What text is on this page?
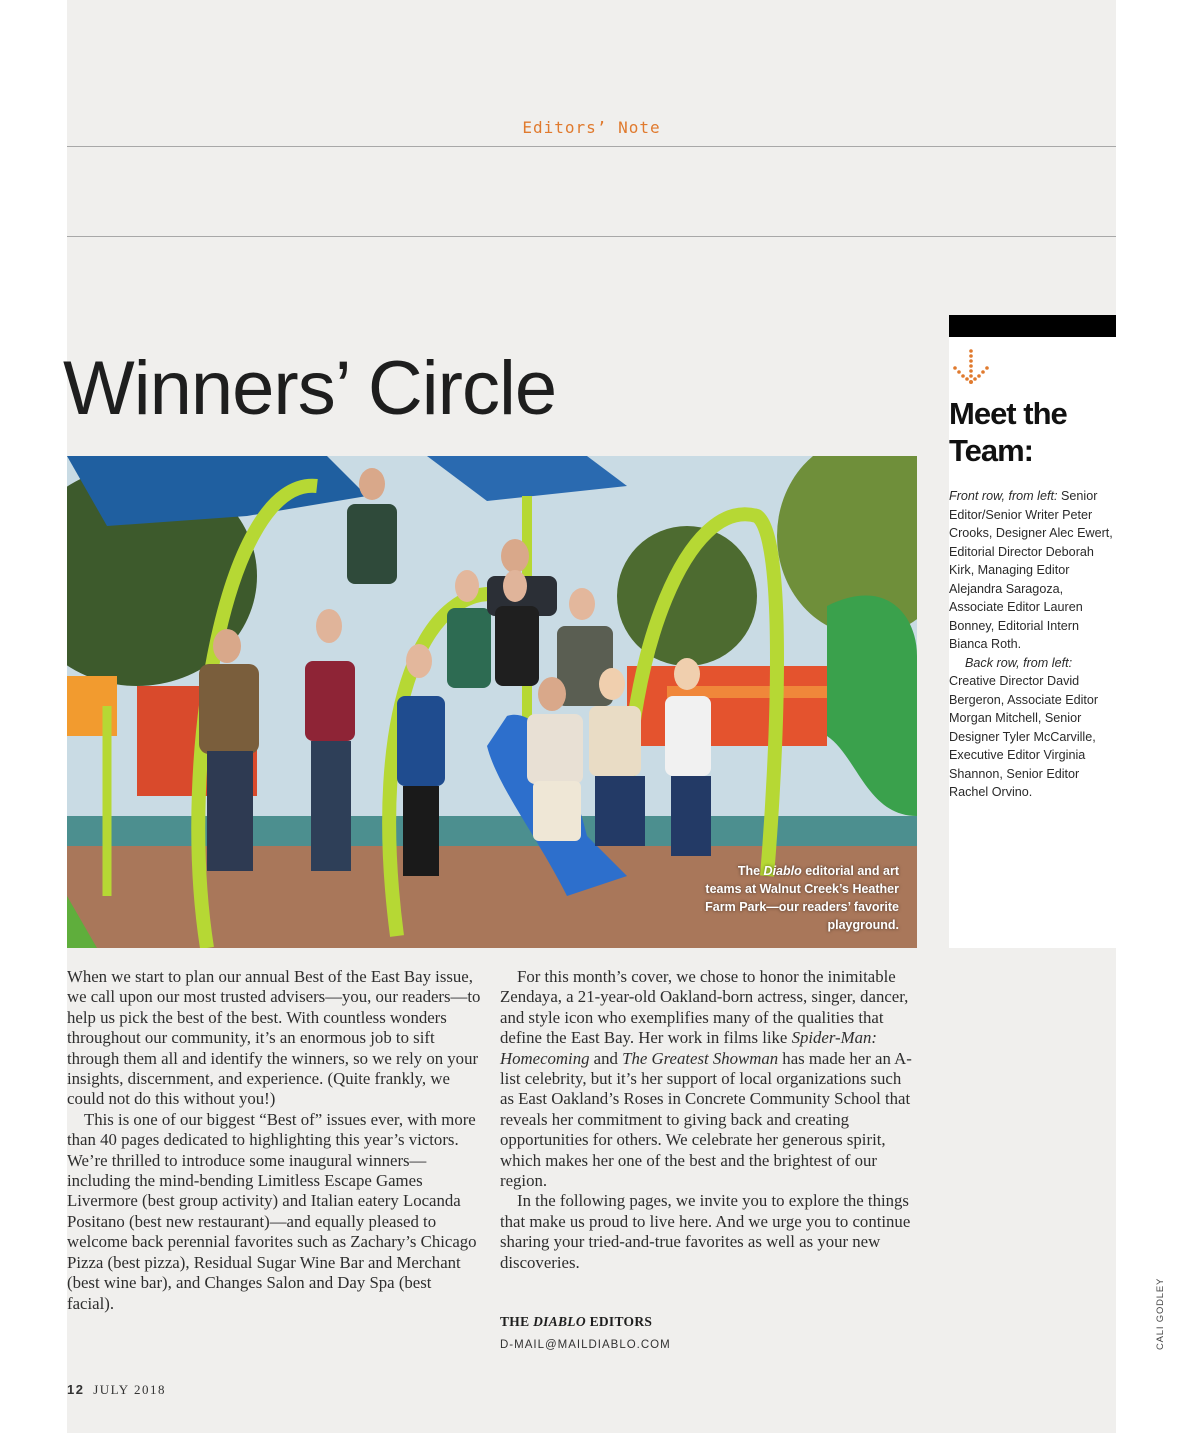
Editors’ Note
Winners’ Circle
The Diablo editorial and art teams at Walnut Creek’s Heather Farm Park—our readers’ favorite playground.
Meet the
Team:

Front row, from left: Senior Editor/Senior Writer Peter Crooks, Designer Alec Ewert, Editorial Director Deborah Kirk, Managing Editor Alejandra Saragoza, Associate Editor Lauren Bonney, Editorial Intern Bianca Roth.

Back row, from left:

Creative Director David Bergeron, Associate Editor Morgan Mitchell, Senior Designer Tyler McCarville, Executive Editor Virginia Shannon, Senior Editor Rachel Orvino.

When we start to plan our annual Best of the East Bay issue, we call upon our most trusted advisers—you, our readers—to help us pick the best of the best. With countless wonders throughout our community, it’s an enormous job to sift through them all and identify the winners, so we rely on your insights, discernment, and experience. (Quite frankly, we could not do this without you!)

This is one of our biggest “Best of” issues ever, with more than 40 pages dedicated to highlighting this year’s victors. We’re thrilled to introduce some inaugural winners—including the mind-bending Limitless Escape Games Livermore (best group activity) and Italian eatery Locanda Positano (best new restaurant)—and equally pleased to welcome back perennial favorites such as Zachary’s Chicago Pizza (best pizza), Residual Sugar Wine Bar and Merchant (best wine bar), and Changes Salon and Day Spa (best facial).

For this month’s cover, we chose to honor the inimitable Zendaya, a 21-year-old Oakland-born actress, singer, dancer, and style icon who exemplifies many of the qualities that define the East Bay. Her work in films like Spider-Man: Homecoming and The Greatest Showman has made her an A-list celebrity, but it’s her support of local organizations such as East Oakland’s Roses in Concrete Community School that reveals her commitment to giving back and creating opportunities for others. We celebrate her generous spirit, which makes her one of the best and the brightest of our region.

In the following pages, we invite you to explore the things that make us proud to live here. And we urge you to continue sharing your tried-and-true favorites as well as your new discoveries.

THE DIABLO EDITORS
D-MAIL@MAILDIABLO.COM
12 JULY 2018
CALI GODLEY
